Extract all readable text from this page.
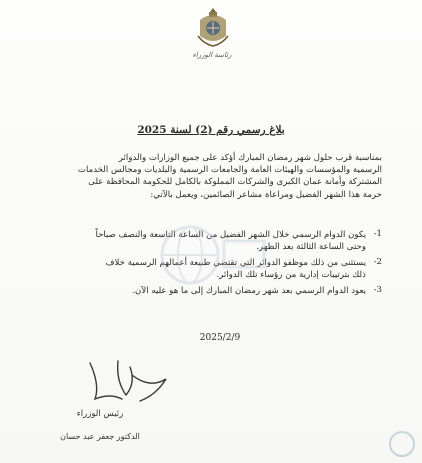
رئاسة الوزراء
بلاغ رسمي رقم (2) لسنة 2025
بمناسبة قرب حلول شهر رمضان المبارك أؤكد على جميع الوزارات والدوائر
الرسمية والمؤسسات والهيئات العامة والجامعات الرسمية والبلديات ومجالس الخدمات
المشتركة وأمانة عمان الكبرى والشركات المملوكة بالكامل للحكومة المحافظة على
حرمة هذا الشهر الفضيل ومراعاة مشاعر الصائمين، ويعمل بالآتي:
1-
يكون الدوام الرسمي خلال الشهر الفضيل من الساعة التاسعة والنصف صباحاً
وحتى الساعة الثالثة بعد الظهر.
2-
يستثنى من ذلك موظفو الدوائر التي تقتضي طبيعة أعمالهم الرسمية خلاف
ذلك بترتيبات إدارية من رؤساء تلك الدوائر.
3-
يعود الدوام الرسمي بعد شهر رمضان المبارك إلى ما هو عليه الآن.
2025/2/9
رئيس الوزراء
الدكتور جعفر عبد حسان
